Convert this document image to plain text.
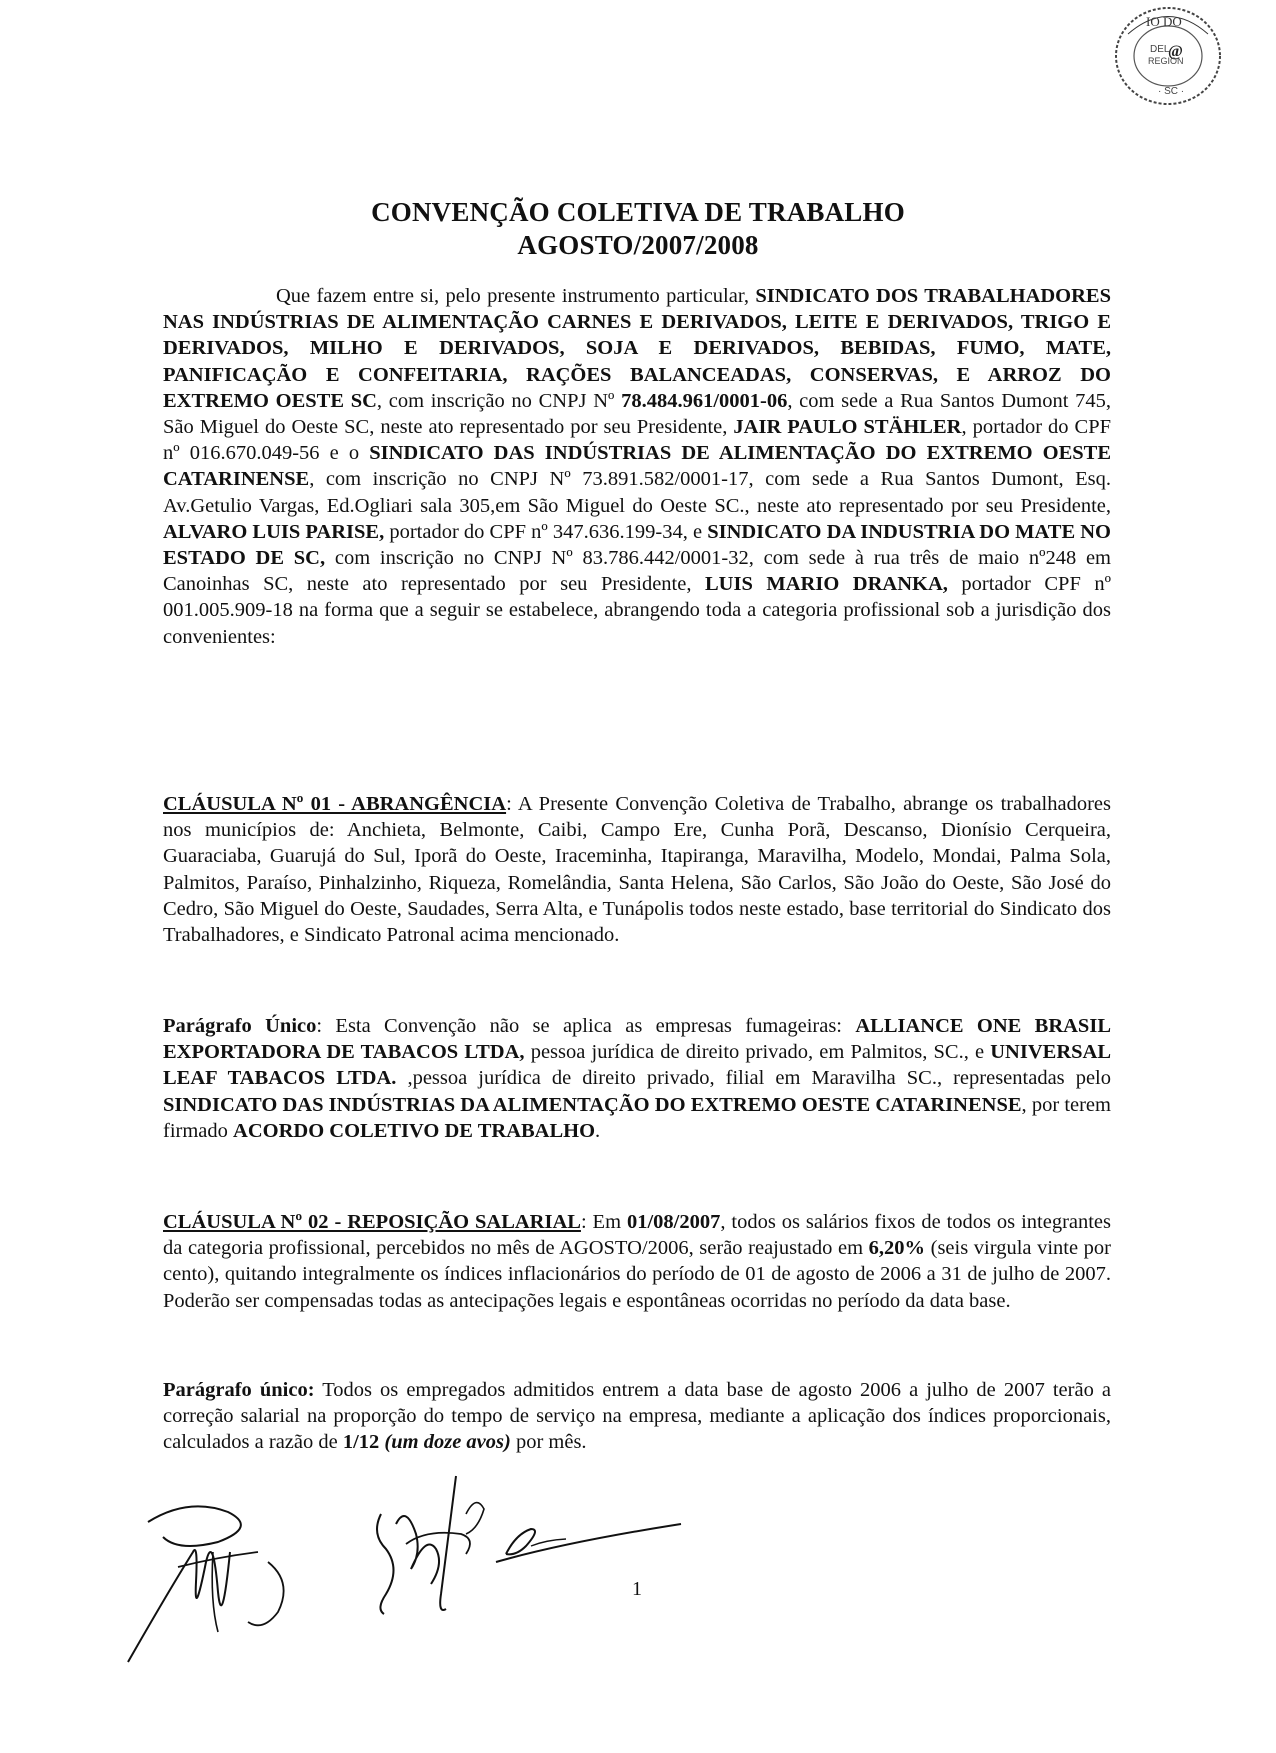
IO DO
DEL
@
REGION
· SC ·
CONVENÇÃO COLETIVA DE TRABALHO
AGOSTO/2007/2008
Que fazem entre si, pelo presente instrumento particular, SINDICATO DOS TRABALHADORES NAS INDÚSTRIAS DE ALIMENTAÇÃO CARNES E DERIVADOS, LEITE E DERIVADOS, TRIGO E DERIVADOS, MILHO E DERIVADOS, SOJA E DERIVADOS, BEBIDAS, FUMO, MATE, PANIFICAÇÃO E CONFEITARIA, RAÇÕES BALANCEADAS, CONSERVAS, E ARROZ DO EXTREMO OESTE SC, com inscrição no CNPJ Nº 78.484.961/0001-06, com sede a Rua Santos Dumont 745, São Miguel do Oeste SC, neste ato representado por seu Presidente, JAIR PAULO STÄHLER, portador do CPF nº 016.670.049-56 e o SINDICATO DAS INDÚSTRIAS DE ALIMENTAÇÃO DO EXTREMO OESTE CATARINENSE, com inscrição no CNPJ Nº 73.891.582/0001-17, com sede a Rua Santos Dumont, Esq. Av.Getulio Vargas, Ed.Ogliari sala 305,em São Miguel do Oeste SC., neste ato representado por seu Presidente, ALVARO LUIS PARISE, portador do CPF nº 347.636.199-34, e SINDICATO DA INDUSTRIA DO MATE NO ESTADO DE SC, com inscrição no CNPJ Nº 83.786.442/0001-32, com sede à rua três de maio nº248 em Canoinhas SC, neste ato representado por seu Presidente, LUIS MARIO DRANKA, portador CPF nº 001.005.909-18 na forma que a seguir se estabelece, abrangendo toda a categoria profissional sob a jurisdição dos convenientes:
CLÁUSULA Nº 01 - ABRANGÊNCIA: A Presente Convenção Coletiva de Trabalho, abrange os trabalhadores nos municípios de: Anchieta, Belmonte, Caibi, Campo Ere, Cunha Porã, Descanso, Dionísio Cerqueira, Guaraciaba, Guarujá do Sul, Iporã do Oeste, Iraceminha, Itapiranga, Maravilha, Modelo, Mondai, Palma Sola, Palmitos, Paraíso, Pinhalzinho, Riqueza, Romelândia, Santa Helena, São Carlos, São João do Oeste, São José do Cedro, São Miguel do Oeste, Saudades, Serra Alta, e Tunápolis todos neste estado, base territorial do Sindicato dos Trabalhadores, e Sindicato Patronal acima mencionado.
Parágrafo Único: Esta Convenção não se aplica as empresas fumageiras: ALLIANCE ONE BRASIL EXPORTADORA DE TABACOS LTDA, pessoa jurídica de direito privado, em Palmitos, SC., e UNIVERSAL LEAF TABACOS LTDA. ,pessoa jurídica de direito privado, filial em Maravilha SC., representadas pelo SINDICATO DAS INDÚSTRIAS DA ALIMENTAÇÃO DO EXTREMO OESTE CATARINENSE, por terem firmado ACORDO COLETIVO DE TRABALHO.
CLÁUSULA Nº 02 - REPOSIÇÃO SALARIAL: Em 01/08/2007, todos os salários fixos de todos os integrantes da categoria profissional, percebidos no mês de AGOSTO/2006, serão reajustado em 6,20% (seis virgula vinte por cento), quitando integralmente os índices inflacionários do período de 01 de agosto de 2006 a 31 de julho de 2007. Poderão ser compensadas todas as antecipações legais e espontâneas ocorridas no período da data base.
Parágrafo único: Todos os empregados admitidos entrem a data base de agosto 2006 a julho de 2007 terão a correção salarial na proporção do tempo de serviço na empresa, mediante a aplicação dos índices proporcionais, calculados a razão de 1/12 (um doze avos) por mês.
1
